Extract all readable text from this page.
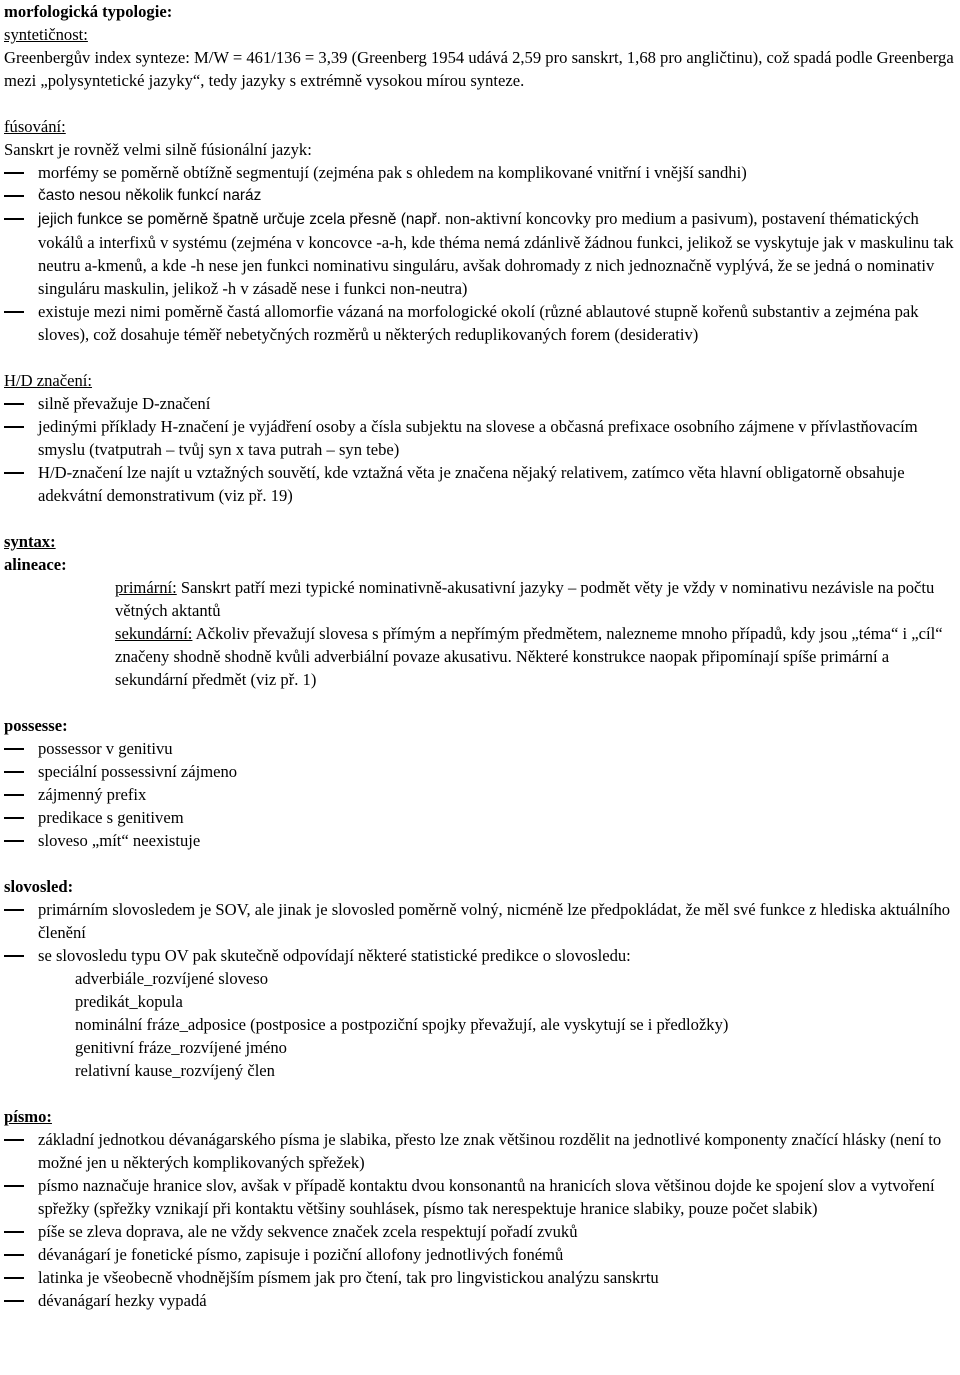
morfologická typologie:

syntetičnost:

Greenbergův index synteze: M/W = 461/136 = 3,39 (Greenberg 1954 udává 2,59 pro sanskrt, 1,68 pro angličtinu), což spadá podle Greenberga mezi „polysyntetické jazyky“, tedy jazyky s extrémně vysokou mírou synteze.

fúsování:

Sanskrt je rovněž velmi silně fúsionální jazyk:

morfémy se poměrně obtížně segmentují (zejména pak s ohledem na komplikované vnitřní i vnější sandhi)

často nesou několik funkcí naráz

jejich funkce se poměrně špatně určuje zcela přesně (např. non-aktivní koncovky pro medium a pasivum), postavení thématických vokálů a interfixů v systému (zejména v koncovce -a-h, kde théma nemá zdánlivě žádnou funkci, jelikož se vyskytuje jak v maskulinu tak neutru a-kmenů, a kde -h nese jen funkci nominativu singuláru, avšak dohromady z nich jednoznačně vyplývá, že se jedná o nominativ singuláru maskulin, jelikož -h v zásadě nese i funkci non-neutra)

existuje mezi nimi poměrně častá allomorfie vázaná na morfologické okolí (různé ablautové stupně kořenů substantiv a zejména pak sloves), což dosahuje téměř nebetyčných rozměrů u některých reduplikovaných forem (desiderativ)

H/D značení:

silně převažuje D-značení

jedinými příklady H-značení je vyjádření osoby a čísla subjektu na slovese a občasná prefixace osobního zájmene v přívlastňovacím smyslu (tvatputrah – tvůj syn x tava putrah – syn tebe)

H/D-značení lze najít u vztažných souvětí, kde vztažná věta je značena nějaký relativem, zatímco věta hlavní obligatorně obsahuje adekvátní demonstrativum (viz př. 19)

syntax:

alineace:

primární: Sanskrt patří mezi typické nominativně-akusativní jazyky – podmět věty je vždy v nominativu nezávisle na počtu větných aktantů

sekundární: Ačkoliv převažují slovesa s přímým a nepřímým předmětem, nalezneme mnoho případů, kdy jsou „téma“ i „cíl“ značeny shodně shodně kvůli adverbiální povaze akusativu. Některé konstrukce naopak připomínají spíše primární a sekundární předmět (viz př. 1)

possesse:

possessor v genitivu

speciální possessivní zájmeno

zájmenný prefix

predikace s genitivem

sloveso „mít“ neexistuje

slovosled:

primárním slovosledem je SOV, ale jinak je slovosled poměrně volný, nicméně lze předpokládat, že měl své funkce z hlediska aktuálního členění

se slovosledu typu OV pak skutečně odpovídají některé statistické predikce o slovosledu:

adverbiále_rozvíjené sloveso

predikát_kopula

nominální fráze_adposice (postposice a postpoziční spojky převažují, ale vyskytují se i předložky)

genitivní fráze_rozvíjené jméno

relativní kause_rozvíjený člen

písmo:

základní jednotkou dévanágarského písma je slabika, přesto lze znak většinou rozdělit na jednotlivé komponenty značící hlásky (není to možné jen u některých komplikovaných spřežek)

písmo naznačuje hranice slov, avšak v případě kontaktu dvou konsonantů na hranicích slova většinou dojde ke spojení slov a vytvoření spřežky (spřežky vznikají při kontaktu většiny souhlásek, písmo tak nerespektuje hranice slabiky, pouze počet slabik)

píše se zleva doprava, ale ne vždy sekvence značek zcela respektují pořadí zvuků

dévanágarí je fonetické písmo, zapisuje i poziční allofony jednotlivých fonémů

latinka je všeobecně vhodnějším písmem jak pro čtení, tak pro lingvistickou analýzu sanskrtu

dévanágarí hezky vypadá
